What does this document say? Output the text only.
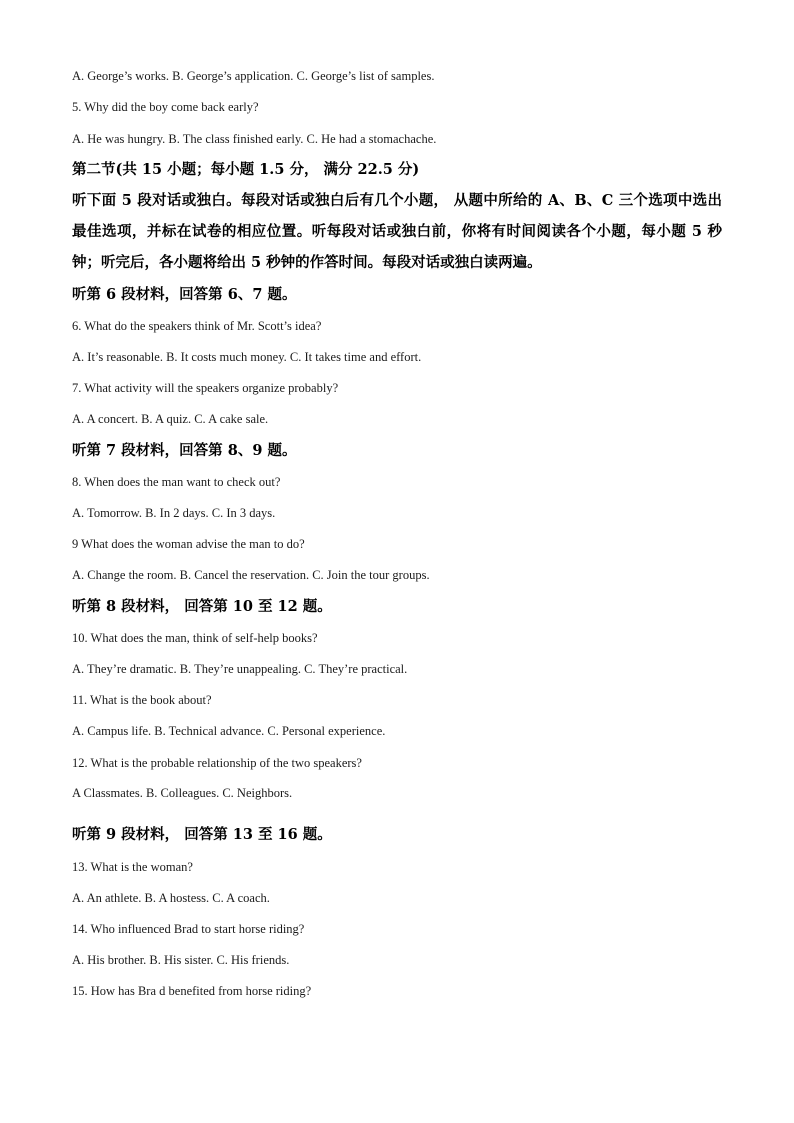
A. George’s works. B. George’s application. C. George’s list of samples.
5. Why did the boy come back early?
A. He was hungry. B. The class finished early. C. He had a stomachache.
第二节(共 15 小题；每小题 1.5 分， 满分 22.5 分)
听下面 5 段对话或独白。每段对话或独白后有几个小题， 从题中所给的 A、B、C 三个选项中选出最佳选项，并标在试卷的相应位置。听每段对话或独白前，你将有时间阅读各个小题，每小题 5 秒钟；听完后，各小题将给出 5 秒钟的作答时间。每段对话或独白读两遍。
听第 6 段材料，回答第 6、7 题。
6. What do the speakers think of Mr. Scott’s idea?
A. It’s reasonable. B. It costs much money. C. It takes time and effort.
7. What activity will the speakers organize probably?
A. A concert. B. A quiz. C. A cake sale.
听第 7 段材料，回答第 8、9 题。
8. When does the man want to check out?
A. Tomorrow. B. In 2 days. C. In 3 days.
9 What does the woman advise the man to do?
A. Change the room. B. Cancel the reservation. C. Join the tour groups.
听第 8 段材料， 回答第 10 至 12 题。
10. What does the man, think of self-help books?
A. They’re dramatic. B. They’re unappealing. C. They’re practical.
11. What is the book about?
A. Campus life. B. Technical advance. C. Personal experience.
12. What is the probable relationship of the two speakers?
A Classmates. B. Colleagues. C. Neighbors.
听第 9 段材料， 回答第 13 至 16 题。
13. What is the woman?
A. An athlete. B. A hostess. C. A coach.
14. Who influenced Brad to start horse riding?
A. His brother. B. His sister. C. His friends.
15. How has Bra d benefited from horse riding?
